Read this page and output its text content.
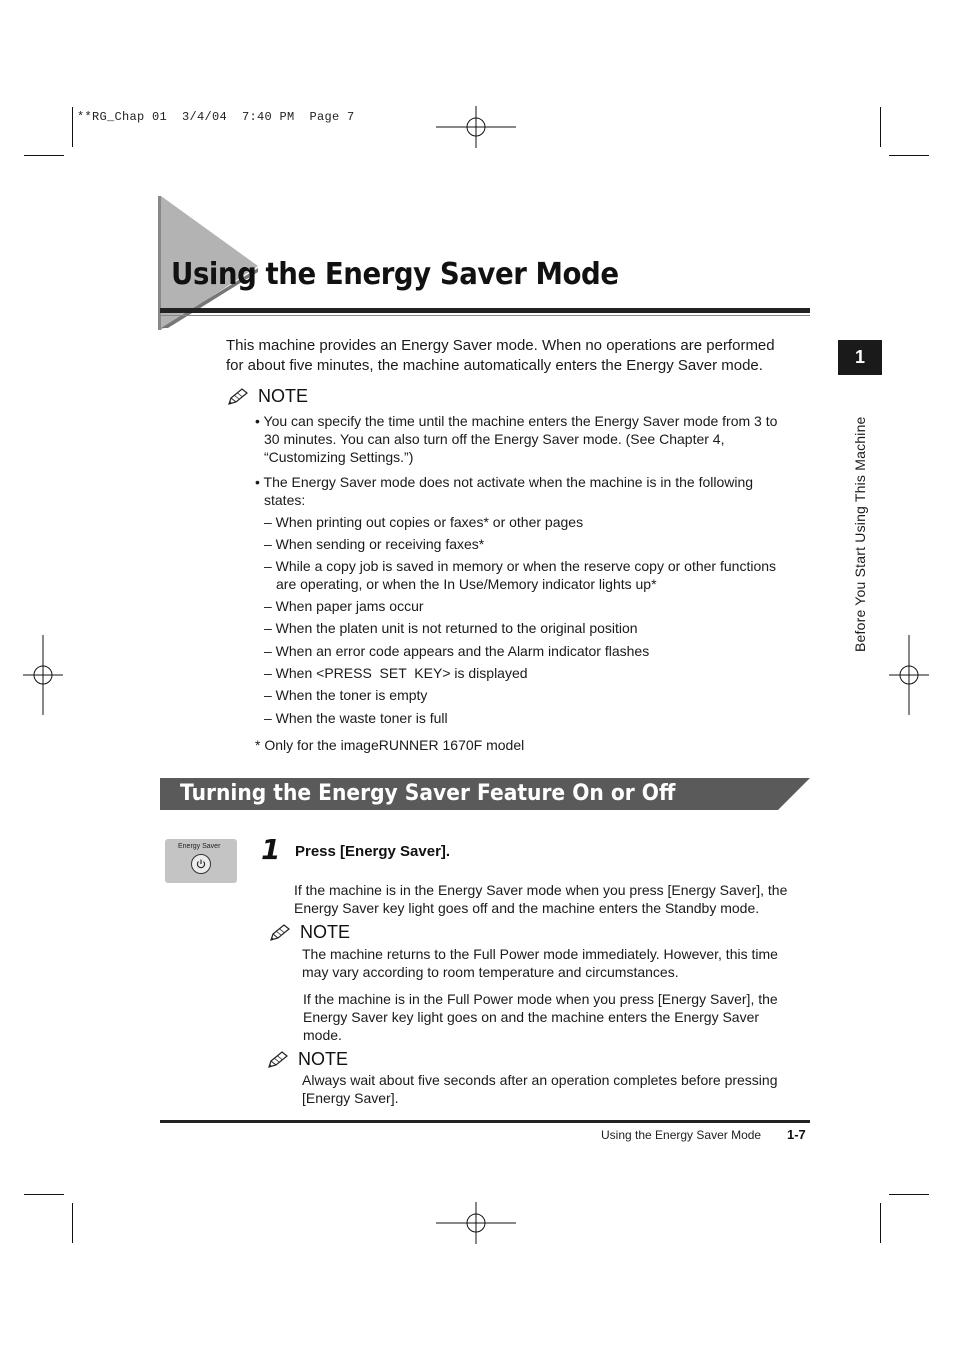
**RG_Chap 01  3/4/04  7:40 PM  Page 7
Using the Energy Saver Mode
1
Before You Start Using This Machine
This machine provides an Energy Saver mode. When no operations are performed
for about five minutes, the machine automatically enters the Energy Saver mode.
NOTE
• You can specify the time until the machine enters the Energy Saver mode from 3 to
30 minutes. You can also turn off the Energy Saver mode. (See Chapter 4,
“Customizing Settings.”)
• The Energy Saver mode does not activate when the machine is in the following
states:
– When printing out copies or faxes* or other pages
– When sending or receiving faxes*
– While a copy job is saved in memory or when the reserve copy or other functions
are operating, or when the In Use/Memory indicator lights up*
– When paper jams occur
– When the platen unit is not returned to the original position
– When an error code appears and the Alarm indicator flashes
– When <PRESS  SET  KEY> is displayed
– When the toner is empty
– When the waste toner is full
* Only for the imageRUNNER 1670F model
Turning the Energy Saver Feature On or Off
Energy Saver 1 Press [Energy Saver].
If the machine is in the Energy Saver mode when you press [Energy Saver], the
Energy Saver key light goes off and the machine enters the Standby mode.
NOTE
The machine returns to the Full Power mode immediately. However, this time
may vary according to room temperature and circumstances.
If the machine is in the Full Power mode when you press [Energy Saver], the
Energy Saver key light goes on and the machine enters the Energy Saver
mode.
NOTE
Always wait about five seconds after an operation completes before pressing
[Energy Saver].
Using the Energy Saver Mode 1-7
